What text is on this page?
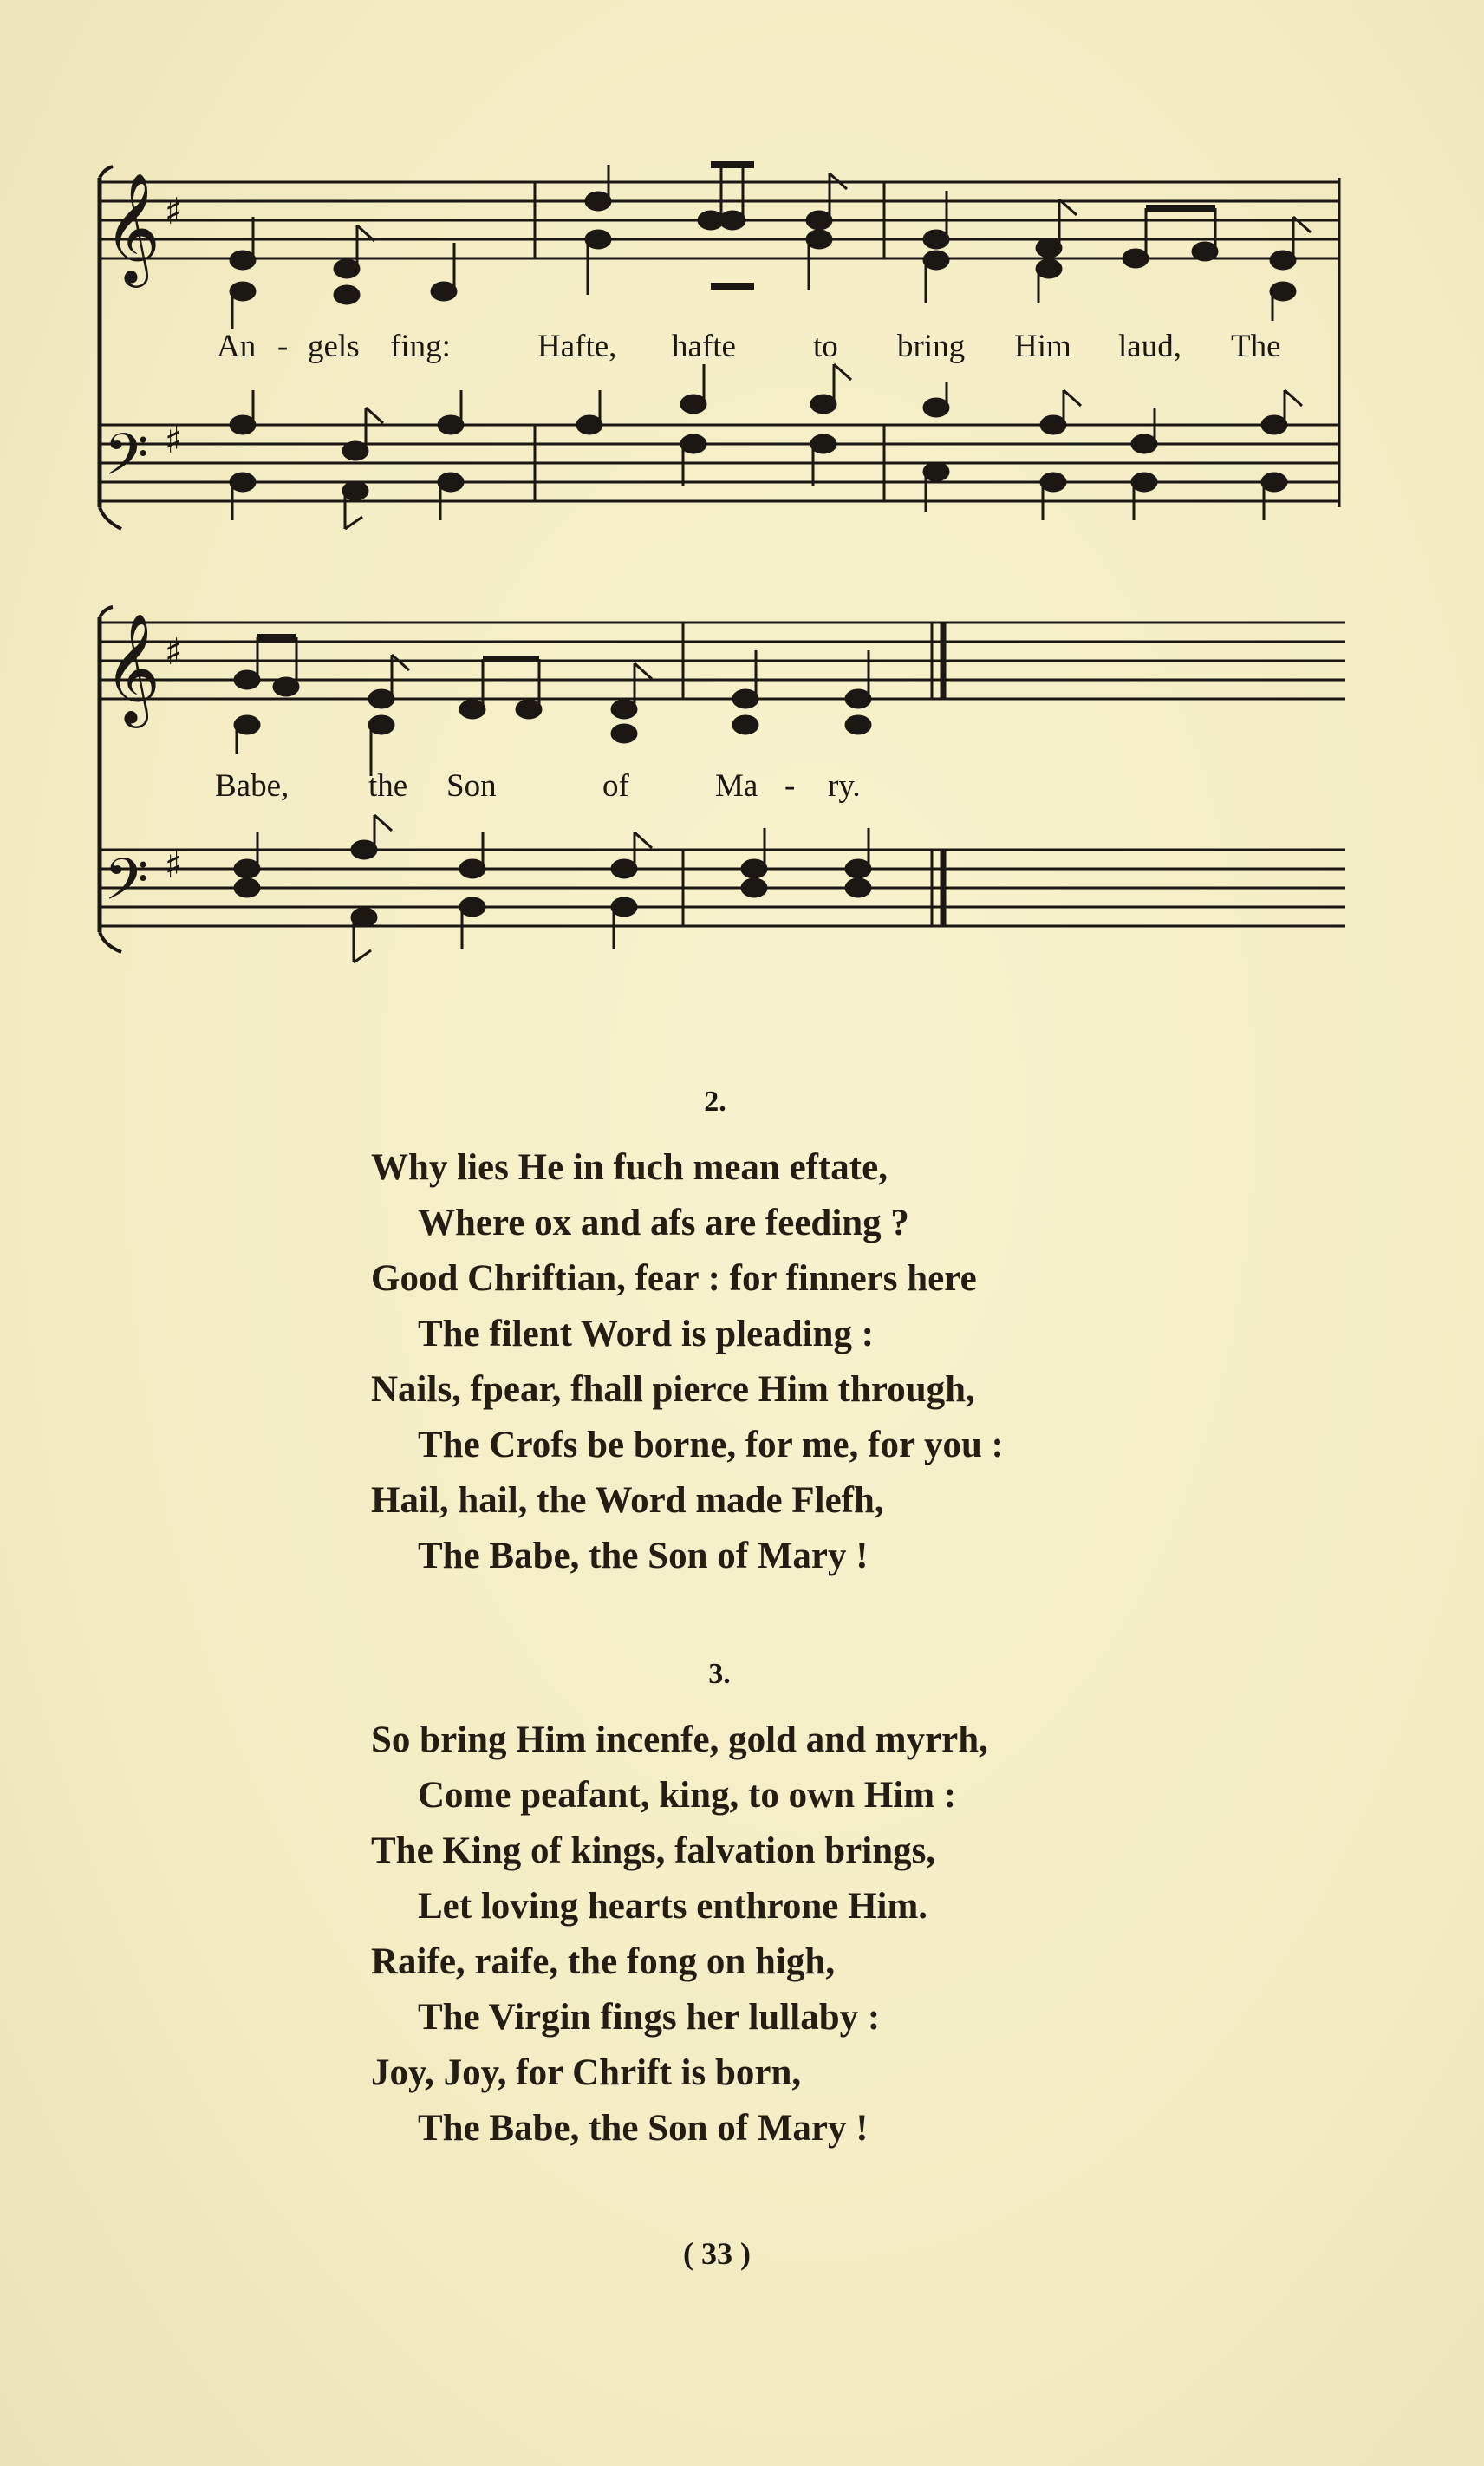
𝄞 ♯
𝄢 ♯
An - gels fing:	Hafte, hafte to bring Him laud, The
𝄞 ♯
𝄢 ♯
Babe, the Son	of	Ma - ry.
2.
Why lies He in fuch mean eftate,
Where ox and afs are feeding ?
Good Chriftian, fear : for finners here
The filent Word is pleading :
Nails, fpear, fhall pierce Him through,
The Crofs be borne, for me, for you :
Hail, hail, the Word made Flefh,
The Babe, the Son of Mary !
3.
So bring Him incenfe, gold and myrrh,
Come peafant, king, to own Him :
The King of kings, falvation brings,
Let loving hearts enthrone Him.
Raife, raife, the fong on high,
The Virgin fings her lullaby :
Joy, Joy, for Chrift is born,
The Babe, the Son of Mary !
( 33 )
